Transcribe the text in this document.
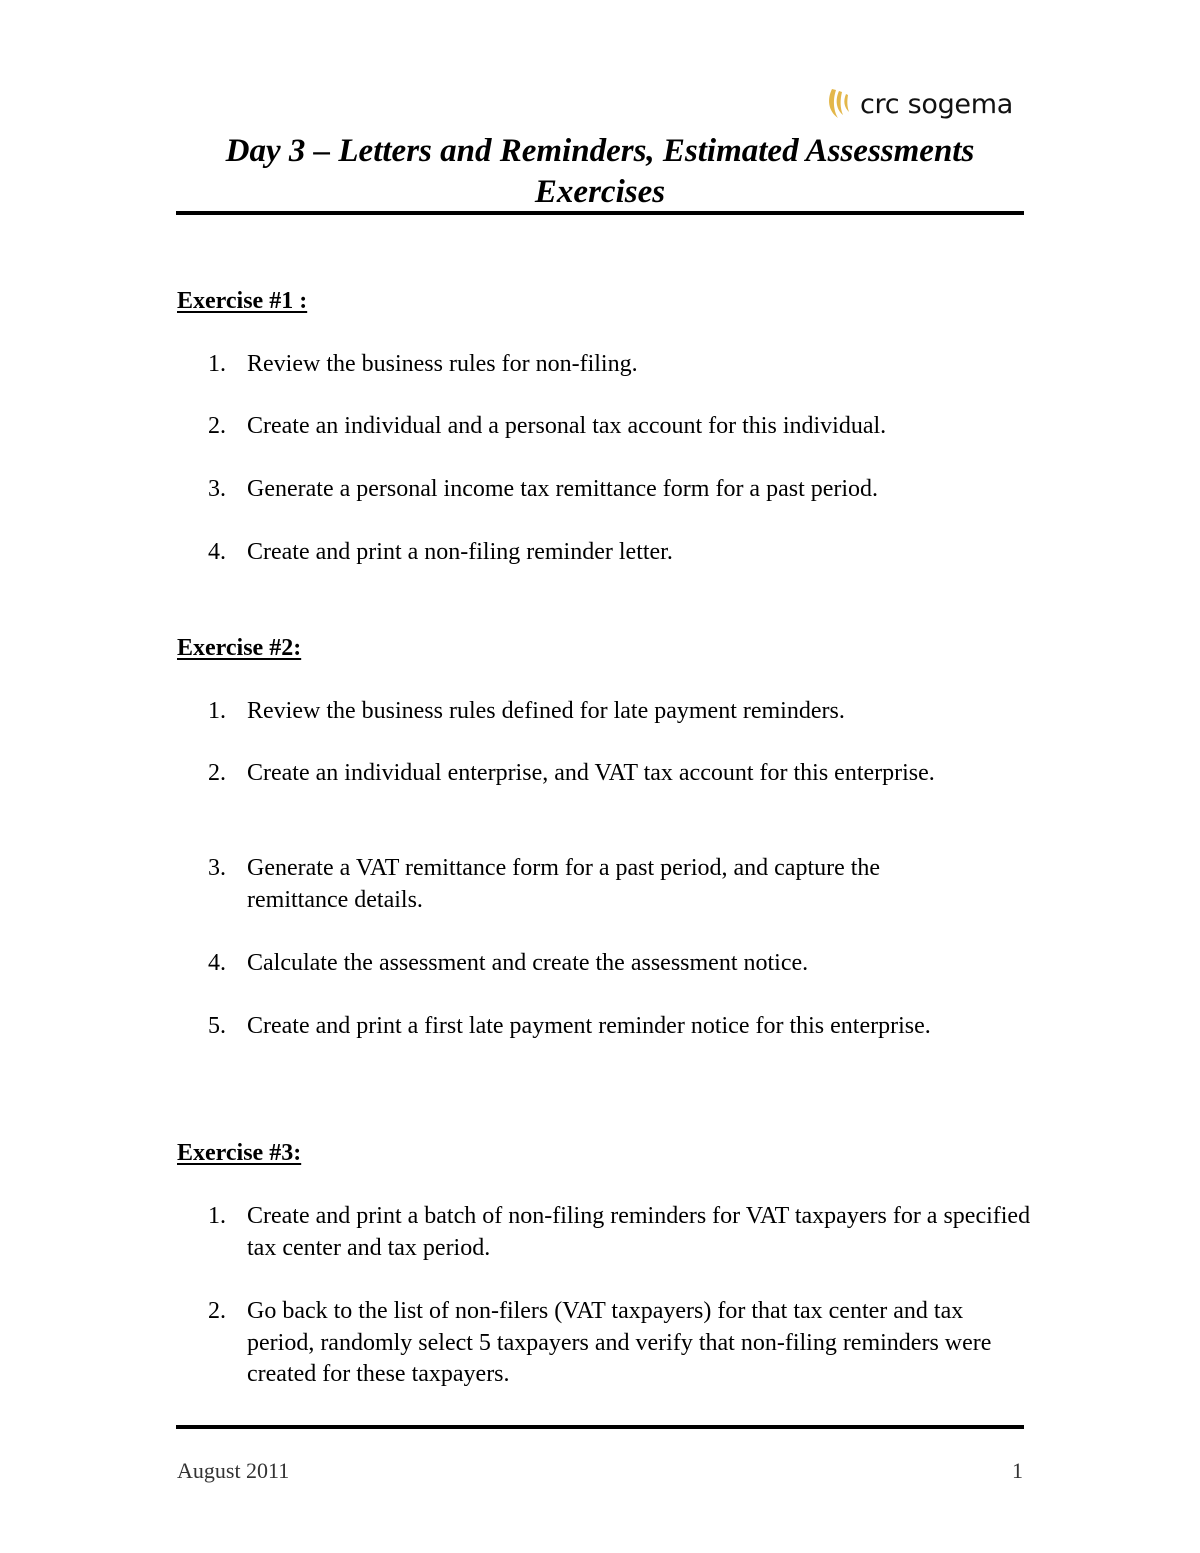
crc sogema
Day 3 – Letters and Reminders, Estimated Assessments
Exercises
Exercise #1 :
1. Review the business rules for non-filing.
2. Create an individual and a personal tax account for this individual.
3. Generate a personal income tax remittance form for a past period.
4. Create and print a non-filing reminder letter.
Exercise #2:
1. Review the business rules defined for late payment reminders.
2. Create an individual enterprise, and VAT tax account for this enterprise.
3. Generate a VAT remittance form for a past period, and capture the remittance details.
4. Calculate the assessment and create the assessment notice.
5. Create and print a first late payment reminder notice for this enterprise.
Exercise #3:
1. Create and print a batch of non-filing reminders for VAT taxpayers for a specified tax center and tax period.
2. Go back to the list of non-filers (VAT taxpayers) for that tax center and tax period, randomly select 5 taxpayers and verify that non-filing reminders were created for these taxpayers.
August 2011	1
